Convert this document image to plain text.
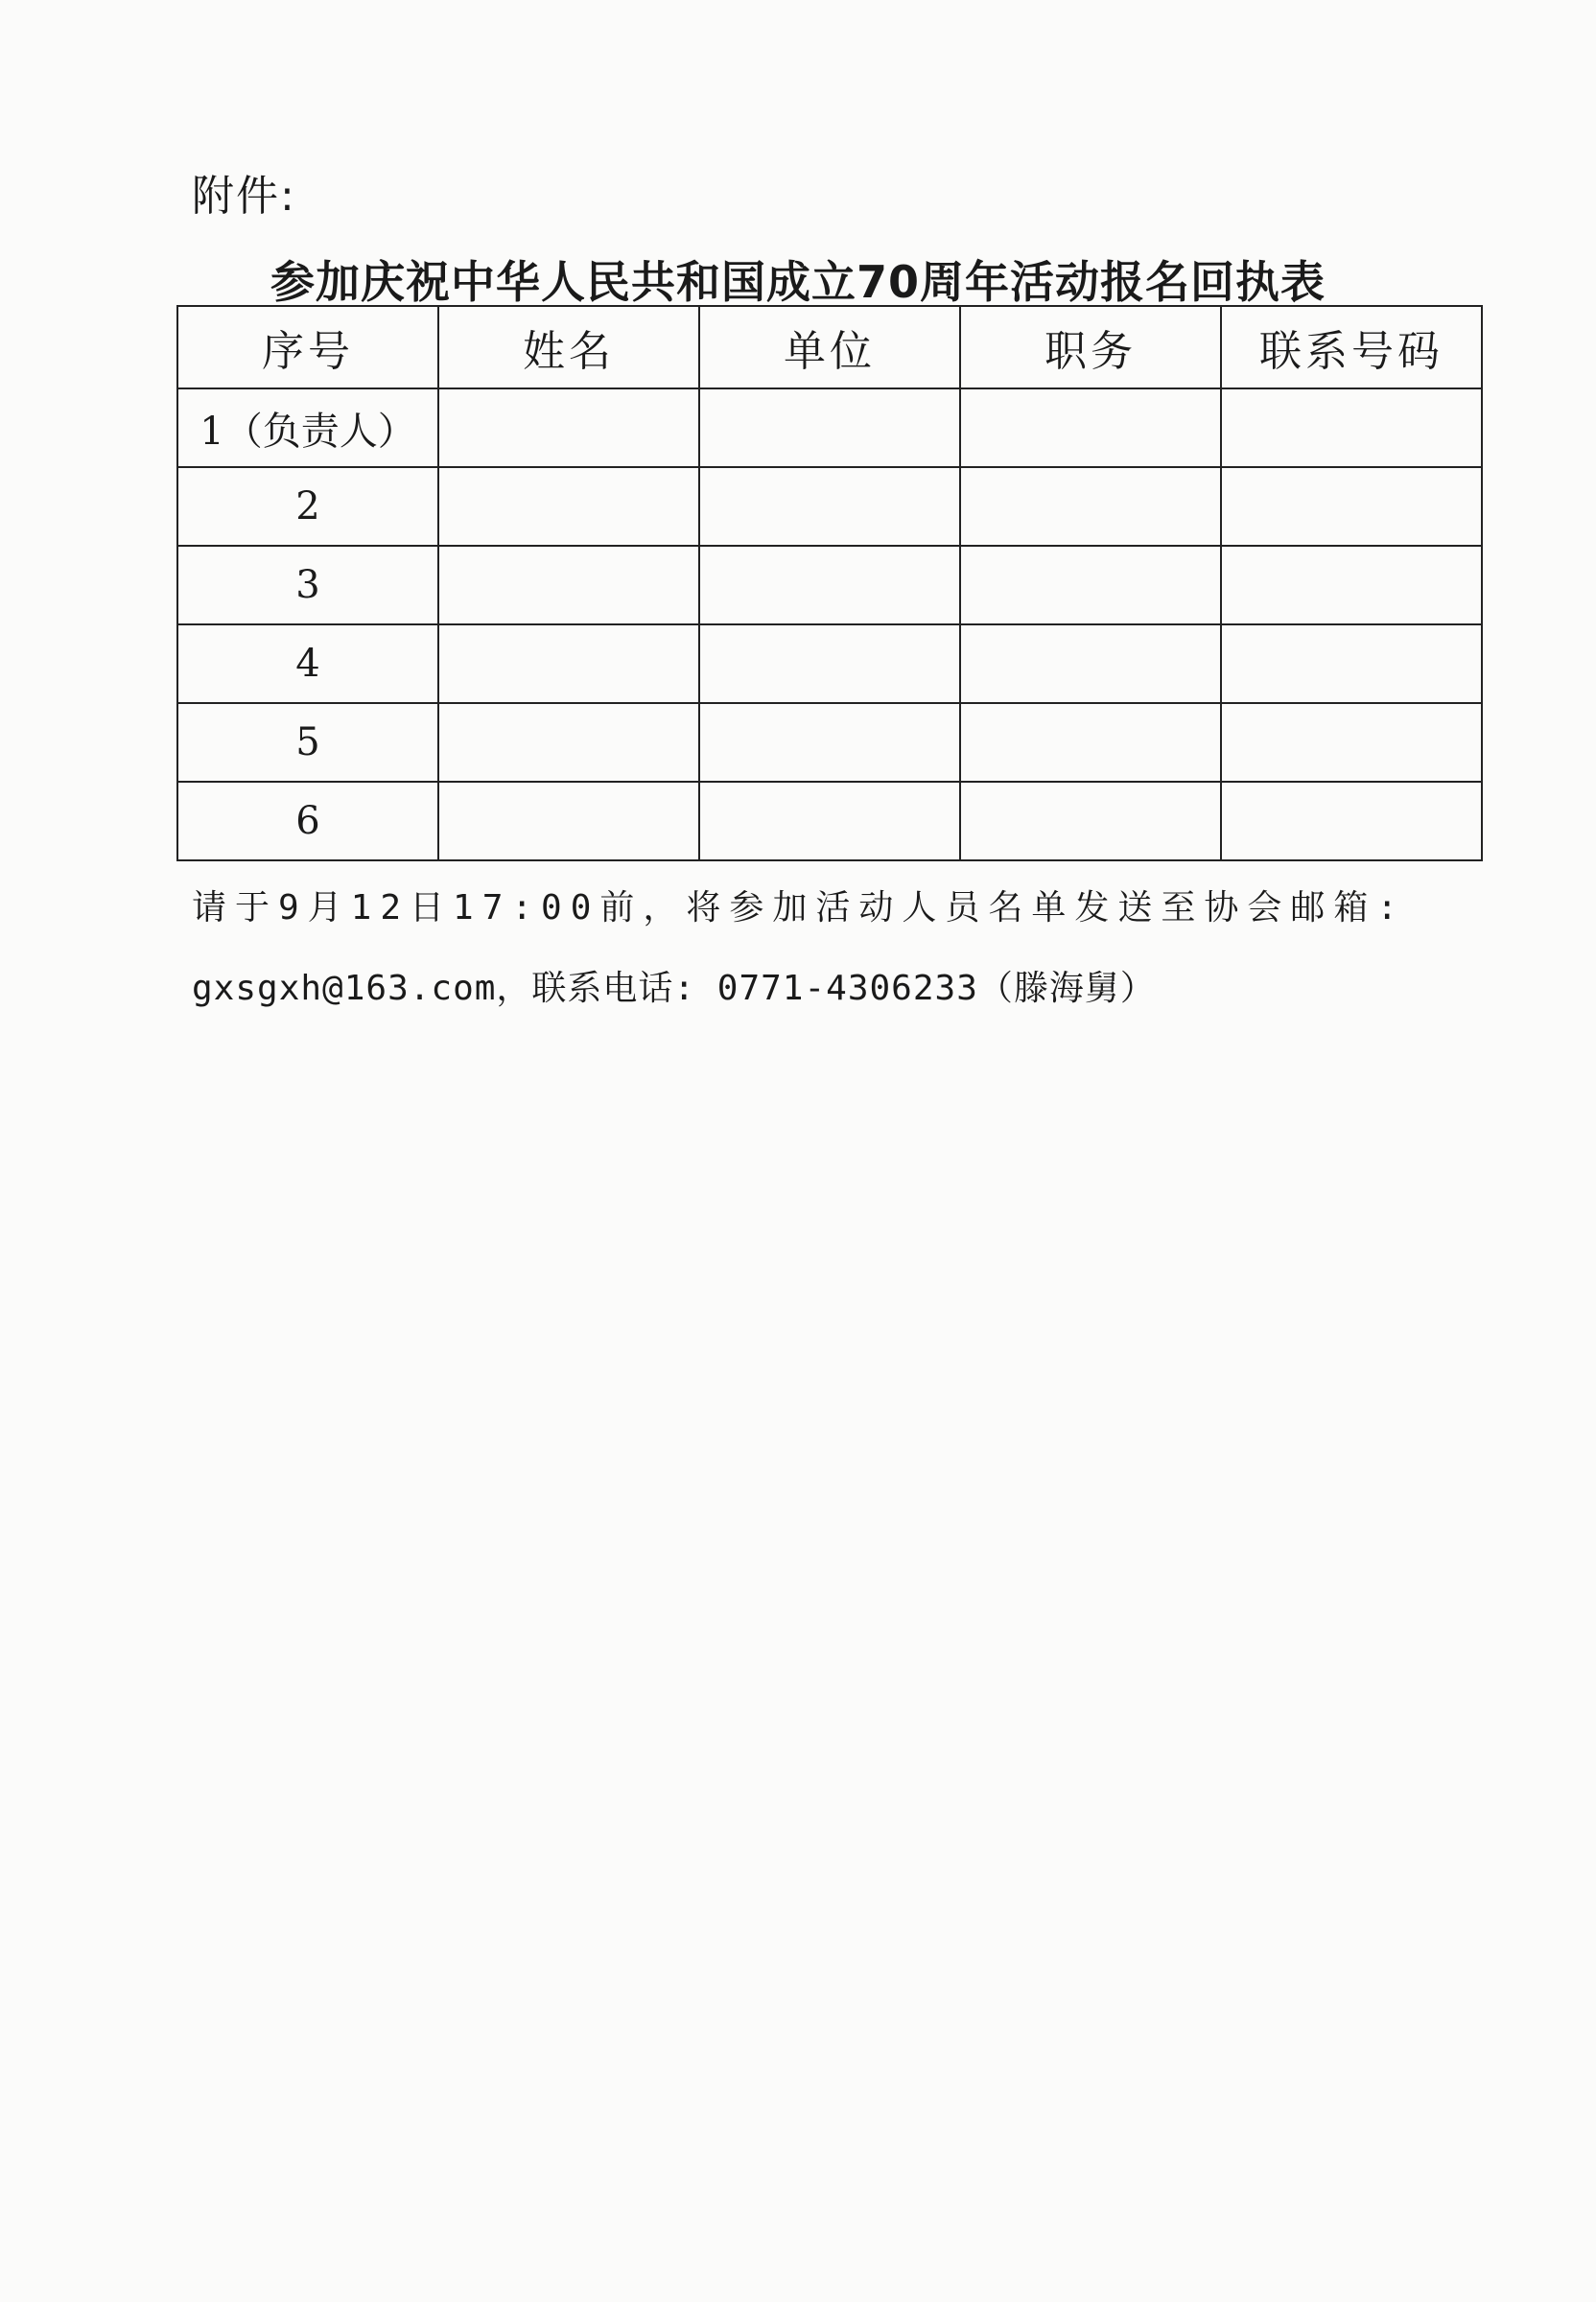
附件:
参加庆祝中华人民共和国成立70周年活动报名回执表
序号	姓名	单位	职务	联系号码
1（负责人）				
2				
3				
4				
5				
6				
请于9月12日17:00前，将参加活动人员名单发送至协会邮箱:
gxsgxh@163.com，联系电话: 0771-4306233（滕海舅）
